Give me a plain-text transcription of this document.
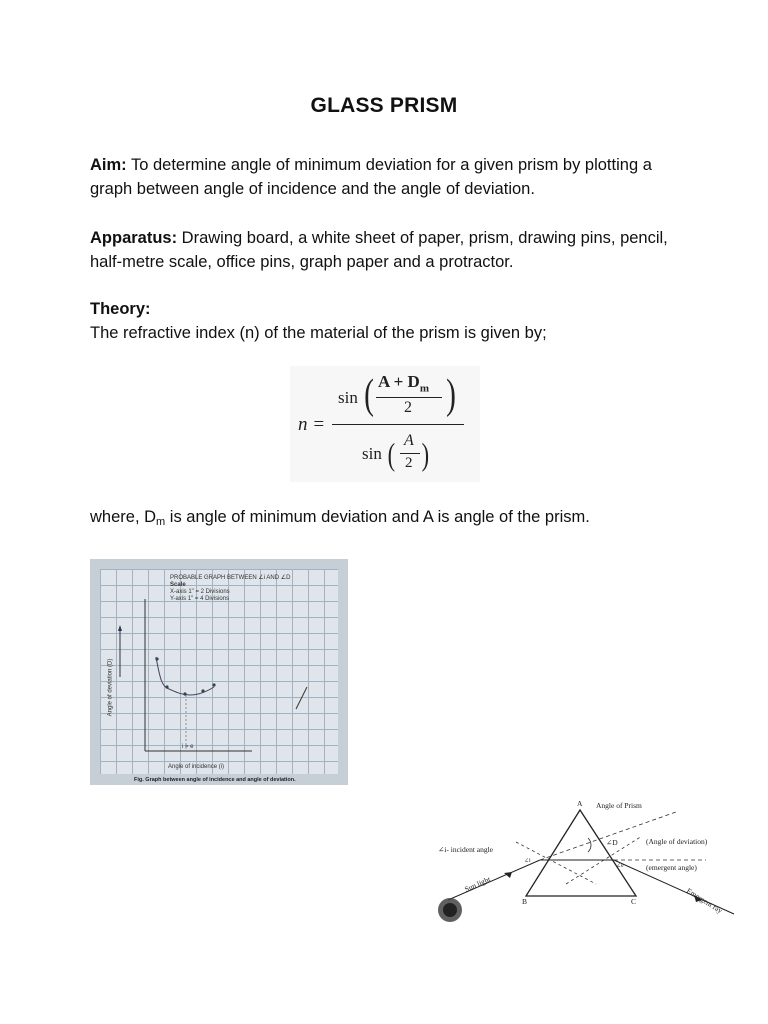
GLASS PRISM
Aim: To determine angle of minimum deviation for a given prism by plotting a graph between angle of incidence and the angle of deviation.
Apparatus: Drawing board, a white sheet of paper, prism, drawing pins, pencil, half-metre scale, office pins, graph paper and a protractor.
Theory:
The refractive index (n) of the material of the prism is given by;
n =
sin ( $A + D_m$
2 )
sin ( A
2 )
where, $D_m$ is angle of minimum deviation and A is angle of the prism.
PROBABLE GRAPH BETWEEN ∠i AND ∠D
Scale
X-axis 1" = 2 Divisions
Y-axis 1" = 4 Divisions
Angle of deviation (D)
Angle of incidence (i)
i = e
Fig. Graph between angle of incidence and angle of deviation.
A Angle of Prism
B	C
∠D	(Angle of deviation)
∠i- incident angle
∠i
∠e	(emergent angle)
Sun light
Emergent ray
